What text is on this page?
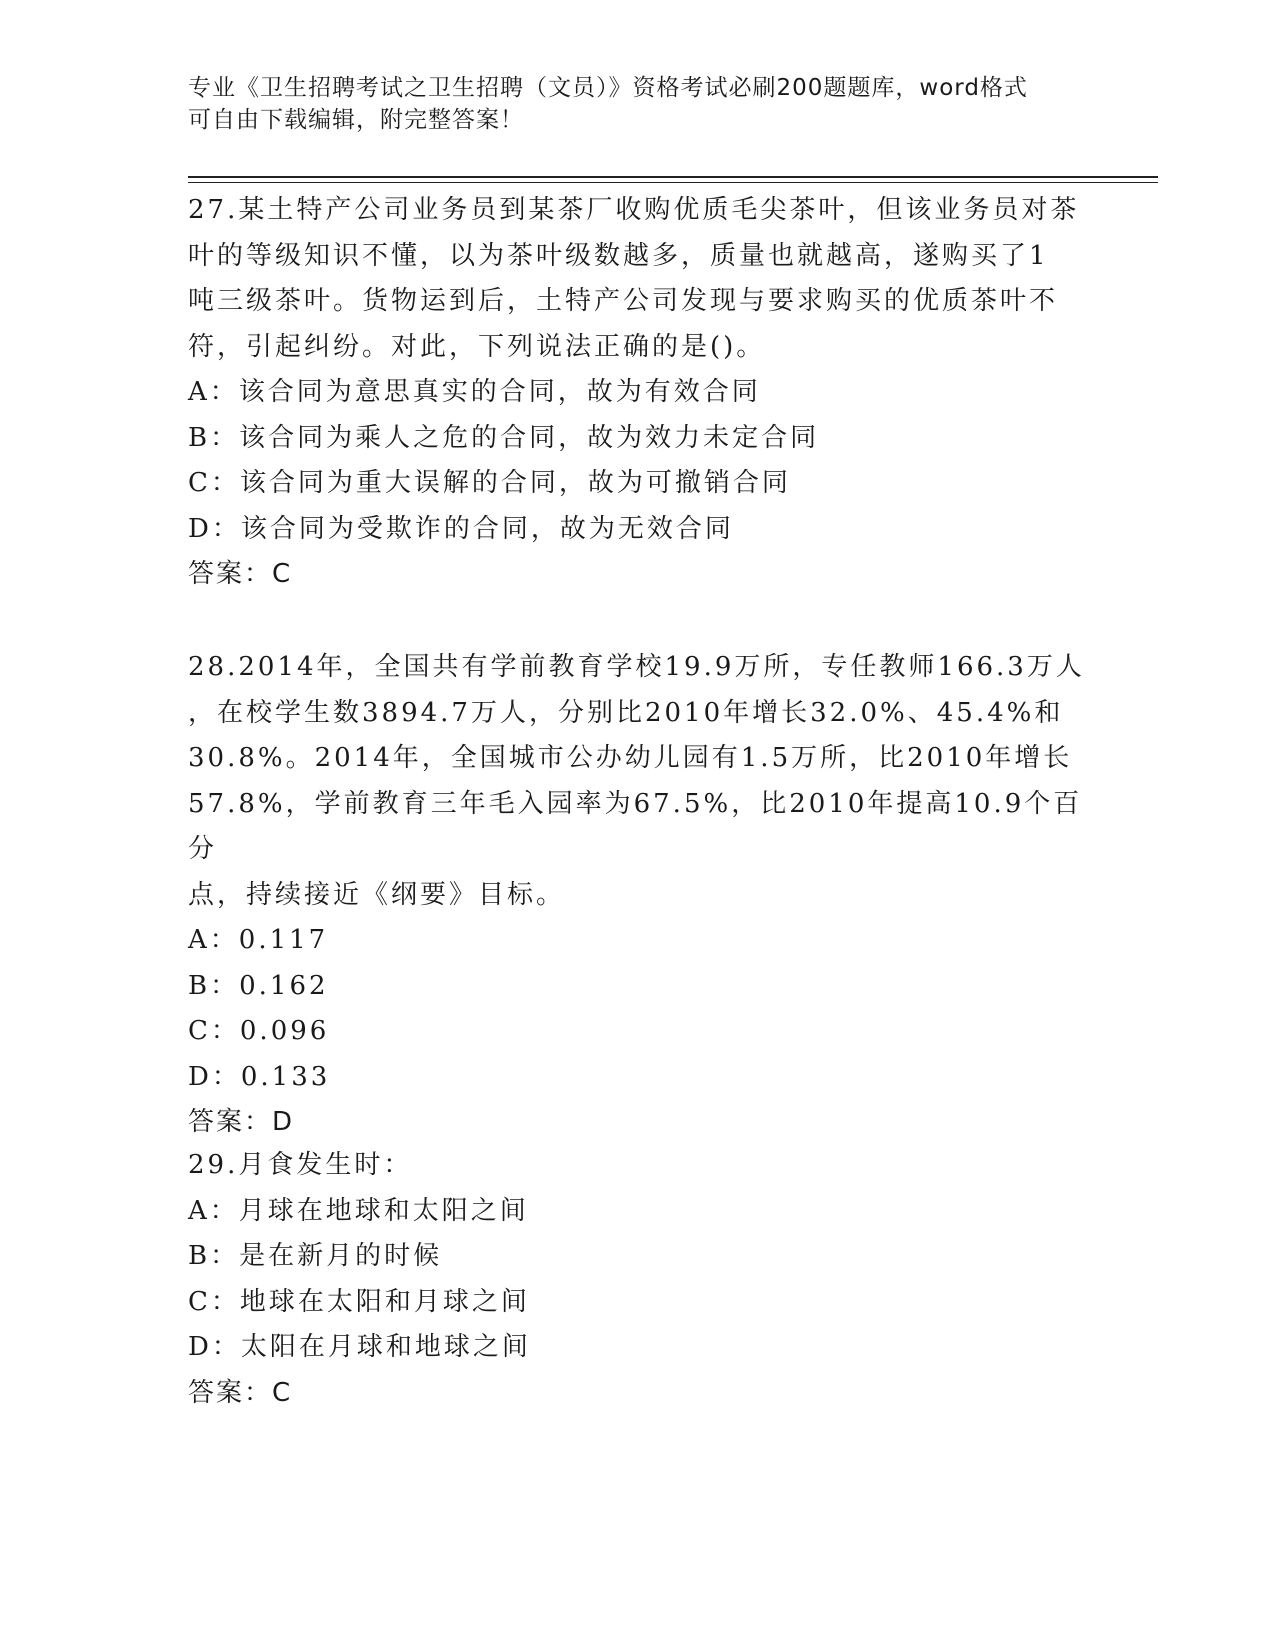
专业《卫生招聘考试之卫生招聘（文员）》资格考试必刷200题题库，word格式
可自由下载编辑，附完整答案！

27.某土特产公司业务员到某茶厂收购优质毛尖茶叶，但该业务员对茶

叶的等级知识不懂，以为茶叶级数越多，质量也就越高，遂购买了1

吨三级茶叶。货物运到后，土特产公司发现与要求购买的优质茶叶不

符，引起纠纷。对此，下列说法正确的是()。

A：该合同为意思真实的合同，故为有效合同

B：该合同为乘人之危的合同，故为效力未定合同

C：该合同为重大误解的合同，故为可撤销合同

D：该合同为受欺诈的合同，故为无效合同

答案：C

28.2014年，全国共有学前教育学校19.9万所，专任教师166.3万人

，在校学生数3894.7万人，分别比2010年增长32.0%、45.4%和

30.8%。2014年，全国城市公办幼儿园有1.5万所，比2010年增长

57.8%，学前教育三年毛入园率为67.5%，比2010年提高10.9个百分

点，持续接近《纲要》目标。

A：0.117

B：0.162

C：0.096

D：0.133

答案：D

29.月食发生时：

A：月球在地球和太阳之间

B：是在新月的时候

C：地球在太阳和月球之间

D：太阳在月球和地球之间

答案：C
